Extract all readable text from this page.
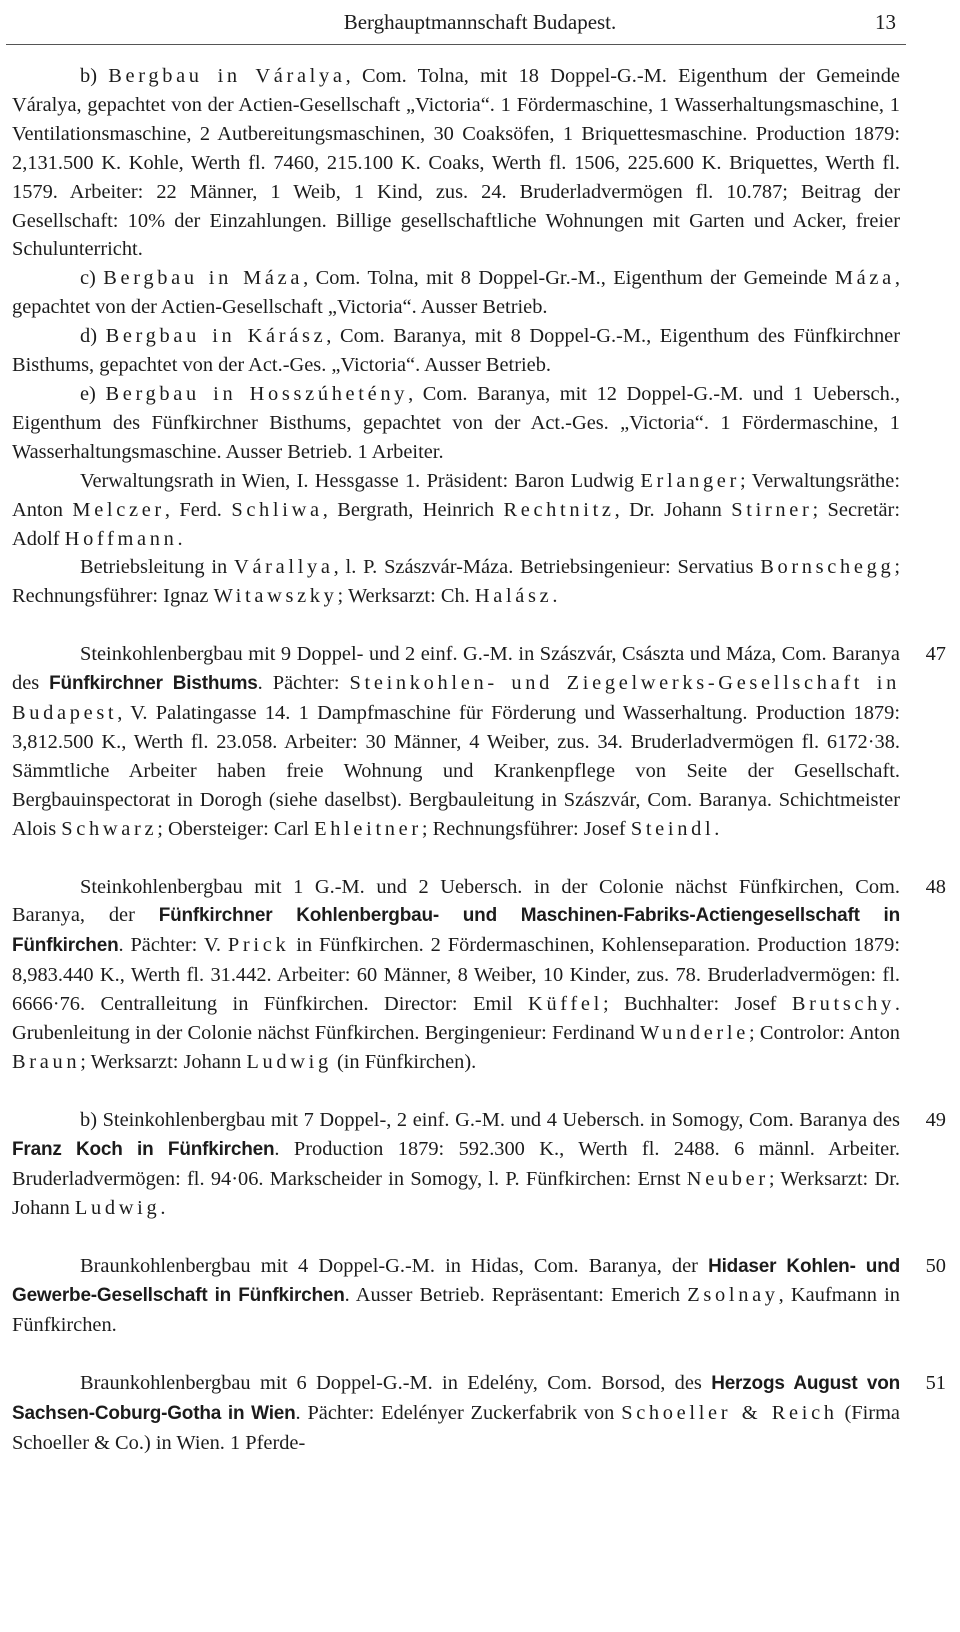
Berghauptmannschaft Budapest.	13

b) Bergbau in Váralya, Com. Tolna, mit 18 Doppel-G.-M. Eigenthum der Gemeinde Váralya, gepachtet von der Actien-Gesellschaft „Victoria“. 1 Fördermaschine, 1 Wasserhaltungsmaschine, 1 Ventilationsmaschine, 2 Autbereitungsmaschinen, 30 Coaksöfen, 1 Briquettesmaschine. Production 1879: 2,131.500 K. Kohle, Werth fl. 7460, 215.100 K. Coaks, Werth fl. 1506, 225.600 K. Briquettes, Werth fl. 1579. Arbeiter: 22 Männer, 1 Weib, 1 Kind, zus. 24. Bruderladvermögen fl. 10.787; Beitrag der Gesellschaft: 10% der Einzahlungen. Billige gesellschaftliche Wohnungen mit Garten und Acker, freier Schulunterricht.

c) Bergbau in Máza, Com. Tolna, mit 8 Doppel-Gr.-M., Eigenthum der Gemeinde Máza, gepachtet von der Actien-Gesellschaft „Victoria“. Ausser Betrieb.

d) Bergbau in Kárász, Com. Baranya, mit 8 Doppel-G.-M., Eigenthum des Fünfkirchner Bisthums, gepachtet von der Act.-Ges. „Victoria“. Ausser Betrieb.

e) Bergbau in Hosszúhetény, Com. Baranya, mit 12 Doppel-G.-M. und 1 Uebersch., Eigenthum des Fünfkirchner Bisthums, gepachtet von der Act.-Ges. „Victoria“. 1 Fördermaschine, 1 Wasserhaltungsmaschine. Ausser Betrieb. 1 Arbeiter.

Verwaltungsrath in Wien, I. Hessgasse 1. Präsident: Baron Ludwig Erlanger; Verwaltungsräthe: Anton Melczer, Ferd. Schliwa, Bergrath, Heinrich Rechtnitz, Dr. Johann Stirner; Secretär: Adolf Hoffmann.

Betriebsleitung in Várallya, l. P. Szászvár-Máza. Betriebsingenieur: Servatius Bornschegg; Rechnungsführer: Ignaz Witawszky; Werksarzt: Ch. Halász.

Steinkohlenbergbau mit 9 Doppel- und 2 einf. G.-M. in Szászvár, Császta und Máza, Com. Baranya des Fünfkirchner Bisthums. Pächter: Steinkohlen- und Ziegelwerks-Gesellschaft in Budapest, V. Palatingasse 14. 1 Dampfmaschine für Förderung und Wasserhaltung. Production 1879: 3,812.500 K., Werth fl. 23.058. Arbeiter: 30 Männer, 4 Weiber, zus. 34. Bruderladvermögen fl. 6172·38. Sämmtliche Arbeiter haben freie Wohnung und Krankenpflege von Seite der Gesellschaft. Bergbauinspectorat in Dorogh (siehe daselbst). Bergbauleitung in Szászvár, Com. Baranya. Schichtmeister Alois Schwarz; Obersteiger: Carl Ehleitner; Rechnungsführer: Josef Steindl.
47

Steinkohlenbergbau mit 1 G.-M. und 2 Uebersch. in der Colonie nächst Fünfkirchen, Com. Baranya, der Fünfkirchner Kohlenbergbau- und Maschinen-Fabriks-Actiengesellschaft in Fünfkirchen. Pächter: V. Prick in Fünfkirchen. 2 Fördermaschinen, Kohlenseparation. Production 1879: 8,983.440 K., Werth fl. 31.442. Arbeiter: 60 Männer, 8 Weiber, 10 Kinder, zus. 78. Bruderladvermögen: fl. 6666·76. Centralleitung in Fünfkirchen. Director: Emil Küffel; Buchhalter: Josef Brutschy. Grubenleitung in der Colonie nächst Fünfkirchen. Bergingenieur: Ferdinand Wunderle; Controlor: Anton Braun; Werksarzt: Johann Ludwig (in Fünfkirchen).
48

b) Steinkohlenbergbau mit 7 Doppel-, 2 einf. G.-M. und 4 Uebersch. in Somogy, Com. Baranya des Franz Koch in Fünfkirchen. Production 1879: 592.300 K., Werth fl. 2488. 6 männl. Arbeiter. Bruderladvermögen: fl. 94·06. Markscheider in Somogy, l. P. Fünfkirchen: Ernst Neuber; Werksarzt: Dr. Johann Ludwig.
49

Braunkohlenbergbau mit 4 Doppel-G.-M. in Hidas, Com. Baranya, der Hidaser Kohlen- und Gewerbe-Gesellschaft in Fünfkirchen. Ausser Betrieb. Repräsentant: Emerich Zsolnay, Kaufmann in Fünfkirchen.
50

Braunkohlenbergbau mit 6 Doppel-G.-M. in Edelény, Com. Borsod, des Herzogs August von Sachsen-Coburg-Gotha in Wien. Pächter: Edelényer Zuckerfabrik von Schoeller & Reich (Firma Schoeller & Co.) in Wien. 1 Pferde-
51
